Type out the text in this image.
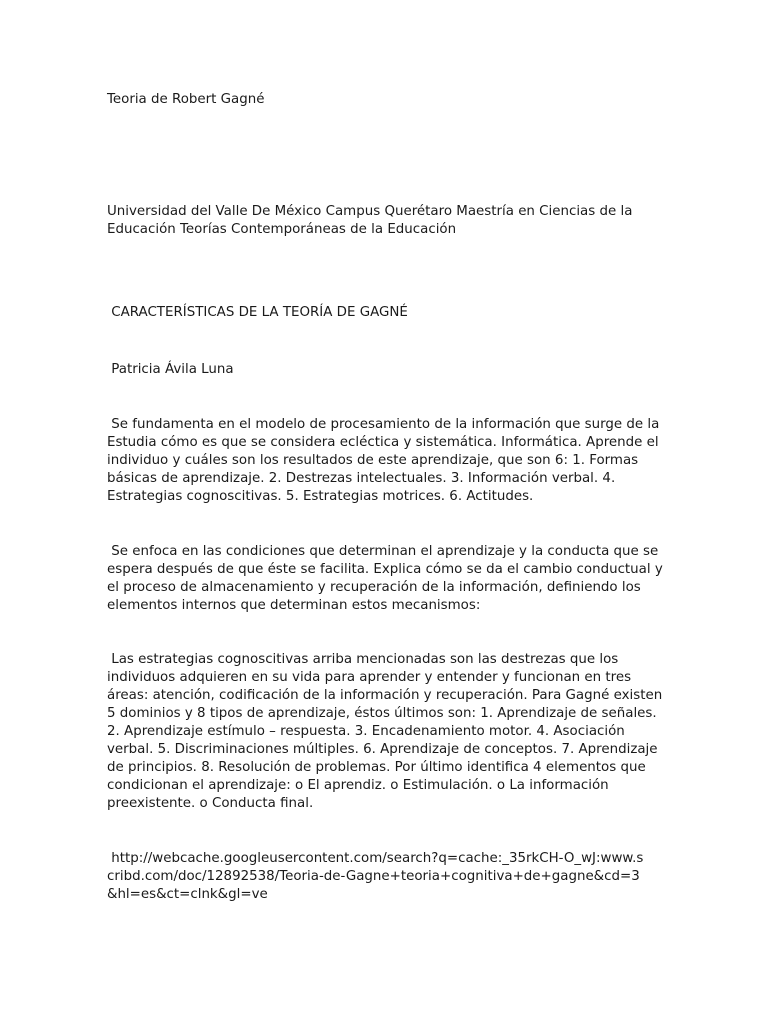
Teoria de Robert Gagné

Universidad del Valle De México Campus Querétaro Maestría en Ciencias de la Educación Teorías Contemporáneas de la Educación

CARACTERÍSTICAS DE LA TEORÍA DE GAGNÉ

Patricia Ávila Luna

Se fundamenta en el modelo de procesamiento de la información que surge de la Estudia cómo es que se considera ecléctica y sistemática. Informática. Aprende el individuo y cuáles son los resultados de este aprendizaje, que son 6: 1. Formas básicas de aprendizaje. 2. Destrezas intelectuales. 3. Información verbal. 4. Estrategias cognoscitivas. 5. Estrategias motrices. 6. Actitudes.

Se enfoca en las condiciones que determinan el aprendizaje y la conducta que se espera después de que éste se facilita. Explica cómo se da el cambio conductual y el proceso de almacenamiento y recuperación de la información, definiendo los elementos internos que determinan estos mecanismos:

Las estrategias cognoscitivas arriba mencionadas son las destrezas que los individuos adquieren en su vida para aprender y entender y funcionan en tres áreas: atención, codificación de la información y recuperación. Para Gagné existen 5 dominios y 8 tipos de aprendizaje, éstos últimos son: 1. Aprendizaje de señales. 2. Aprendizaje estímulo – respuesta. 3. Encadenamiento motor. 4. Asociación verbal. 5. Discriminaciones múltiples. 6. Aprendizaje de conceptos. 7. Aprendizaje de principios. 8. Resolución de problemas. Por último identifica 4 elementos que condicionan el aprendizaje: o El aprendiz. o Estimulación. o La información preexistente. o Conducta final.

http://webcache.googleusercontent.com/search?q=cache:_35rkCH-O_wJ:www.scribd.com/doc/12892538/Teoria-de-Gagne+teoria+cognitiva+de+gagne&cd=3&hl=es&ct=clnk&gl=ve
